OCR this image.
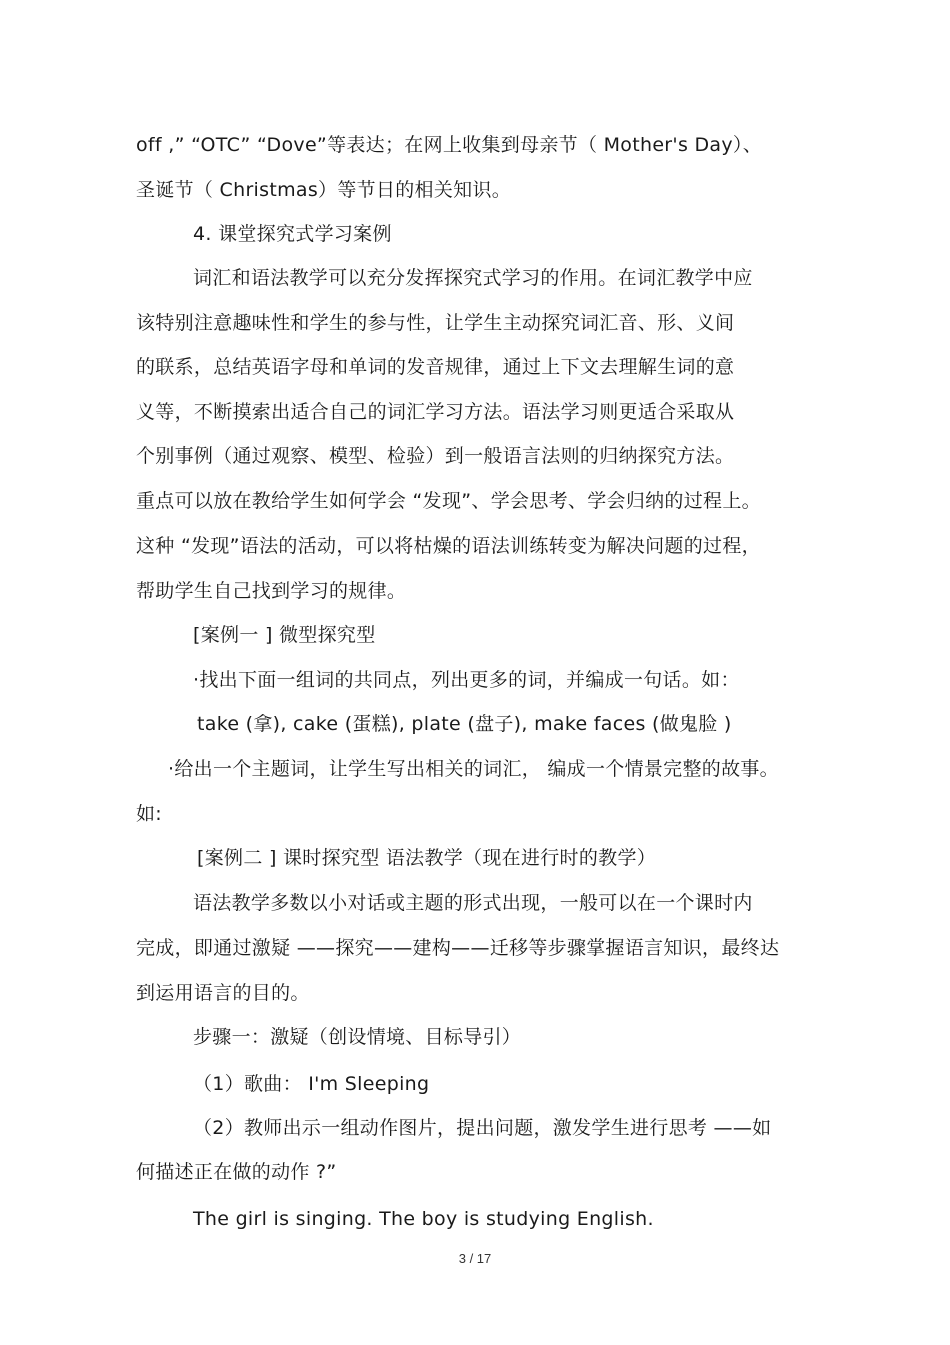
off ,” “OTC” “Dove”等表达；在网上收集到母亲节（ Mother's Day）、
圣诞节（ Christmas）等节日的相关知识。
4. 课堂探究式学习案例
词汇和语法教学可以充分发挥探究式学习的作用。在词汇教学中应
该特别注意趣味性和学生的参与性，让学生主动探究词汇音、形、义间
的联系，总结英语字母和单词的发音规律，通过上下文去理解生词的意
义等，不断摸索出适合自己的词汇学习方法。语法学习则更适合采取从
个别事例（通过观察、模型、检验）到一般语言法则的归纳探究方法。
重点可以放在教给学生如何学会 “发现”、学会思考、学会归纳的过程上。
这种 “发现”语法的活动，可以将枯燥的语法训练转变为解决问题的过程，
帮助学生自己找到学习的规律。
[案例一 ] 微型探究型
·找出下面一组词的共同点，列出更多的词，并编成一句话。如：
take (拿), cake (蛋糕), plate (盘子), make faces (做鬼脸 )
·给出一个主题词，让学生写出相关的词汇， 编成一个情景完整的故事。
如:
[案例二 ] 课时探究型 语法教学（现在进行时的教学）
语法教学多数以小对话或主题的形式出现，一般可以在一个课时内
完成，即通过激疑 ——探究——建构——迁移等步骤掌握语言知识，最终达
到运用语言的目的。
步骤一：激疑（创设情境、目标导引）
（1）歌曲： I'm Sleeping
（2）教师出示一组动作图片，提出问题，激发学生进行思考 ——如
何描述正在做的动作 ?”
The girl is singing. The boy is studying English.
3 / 17
